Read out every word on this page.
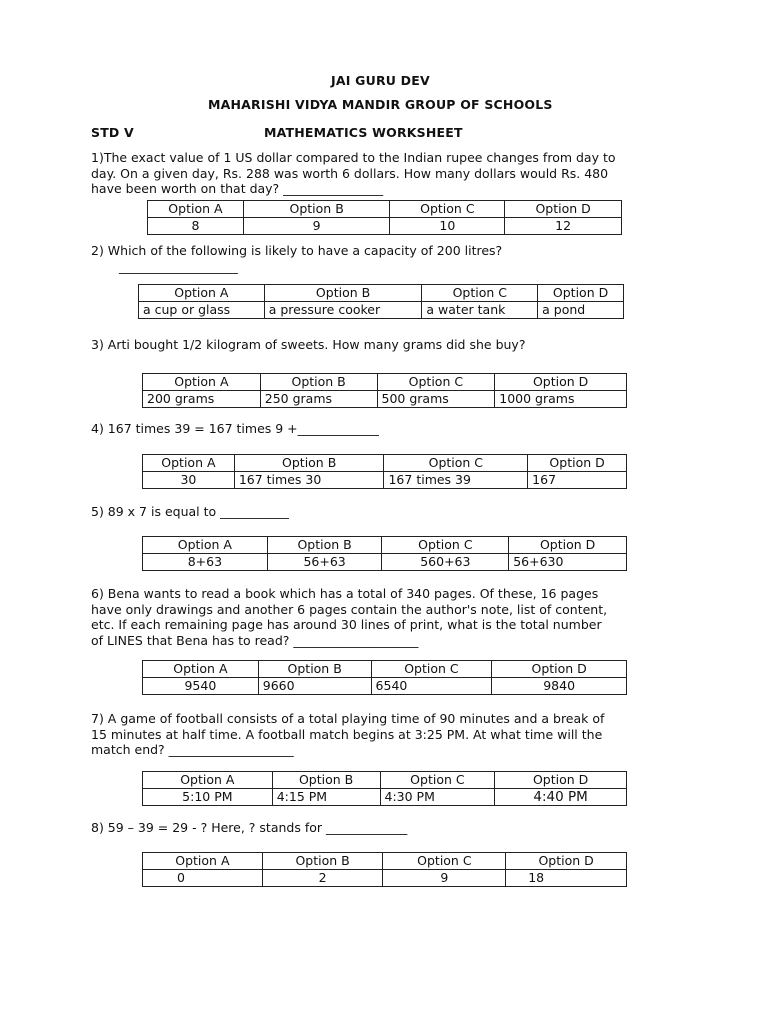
JAI GURU DEV
MAHARISHI VIDYA MANDIR GROUP OF SCHOOLS
STD V	MATHEMATICS WORKSHEET
1)The exact value of 1 US dollar compared to the Indian rupee changes from day to
day. On a given day, Rs. 288 was worth 6 dollars. How many dollars would Rs. 480
have been worth on that day? ________________
Option A	Option B	Option C	Option D
8	9	10	12
2) Which of the following is likely to have a capacity of 200 litres?
___________________
Option A	Option B	Option C	Option D
a cup or glass	a pressure cooker	a water tank	a pond
3) Arti bought 1/2 kilogram of sweets. How many grams did she buy?
Option A	Option B	Option C	Option D
200 grams	250 grams	500 grams	1000 grams
4) 167 times 39 = 167 times 9 +_____________
Option A	Option B	Option C	Option D
30	167 times 30	167 times 39	167
5) 89 x 7 is equal to ___________
Option A	Option B	Option C	Option D
8+63	56+63	560+63	56+630
6) Bena wants to read a book which has a total of 340 pages. Of these, 16 pages
have only drawings and another 6 pages contain the author's note, list of content,
etc. If each remaining page has around 30 lines of print, what is the total number
of LINES that Bena has to read? ____________________
Option A	Option B	Option C	Option D
9540	9660	6540	9840
7) A game of football consists of a total playing time of 90 minutes and a break of
15 minutes at half time. A football match begins at 3:25 PM. At what time will the
match end? ____________________
Option A	Option B	Option C	Option D
5:10 PM	4:15 PM	4:30 PM	4:40 PM
8) 59 – 39 = 29 - ? Here, ? stands for _____________
Option A	Option B	Option C	Option D
0	2	9	18
